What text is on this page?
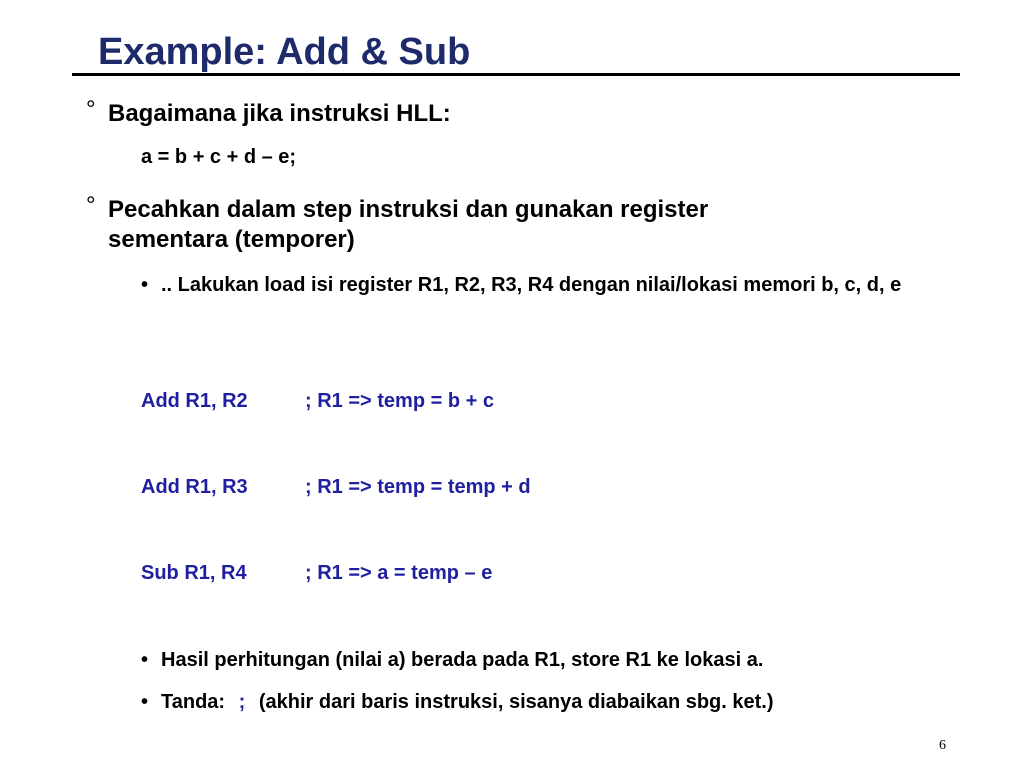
Example: Add & Sub
° Bagaimana jika instruksi HLL:
a = b + c + d – e;
° Pecahkan dalam step instruksi dan gunakan register sementara (temporer)
• .. Lakukan load isi register R1, R2, R3, R4 dengan nilai/lokasi memori b, c, d, e
Add R1, R2	; R1 => temp = b + c
Add R1, R3	; R1 => temp = temp + d
Sub R1, R4	; R1 => a = temp – e
• Hasil perhitungan (nilai a) berada pada R1, store R1 ke lokasi a.
• Tanda: ; (akhir dari baris instruksi, sisanya diabaikan sbg. ket.)
6
